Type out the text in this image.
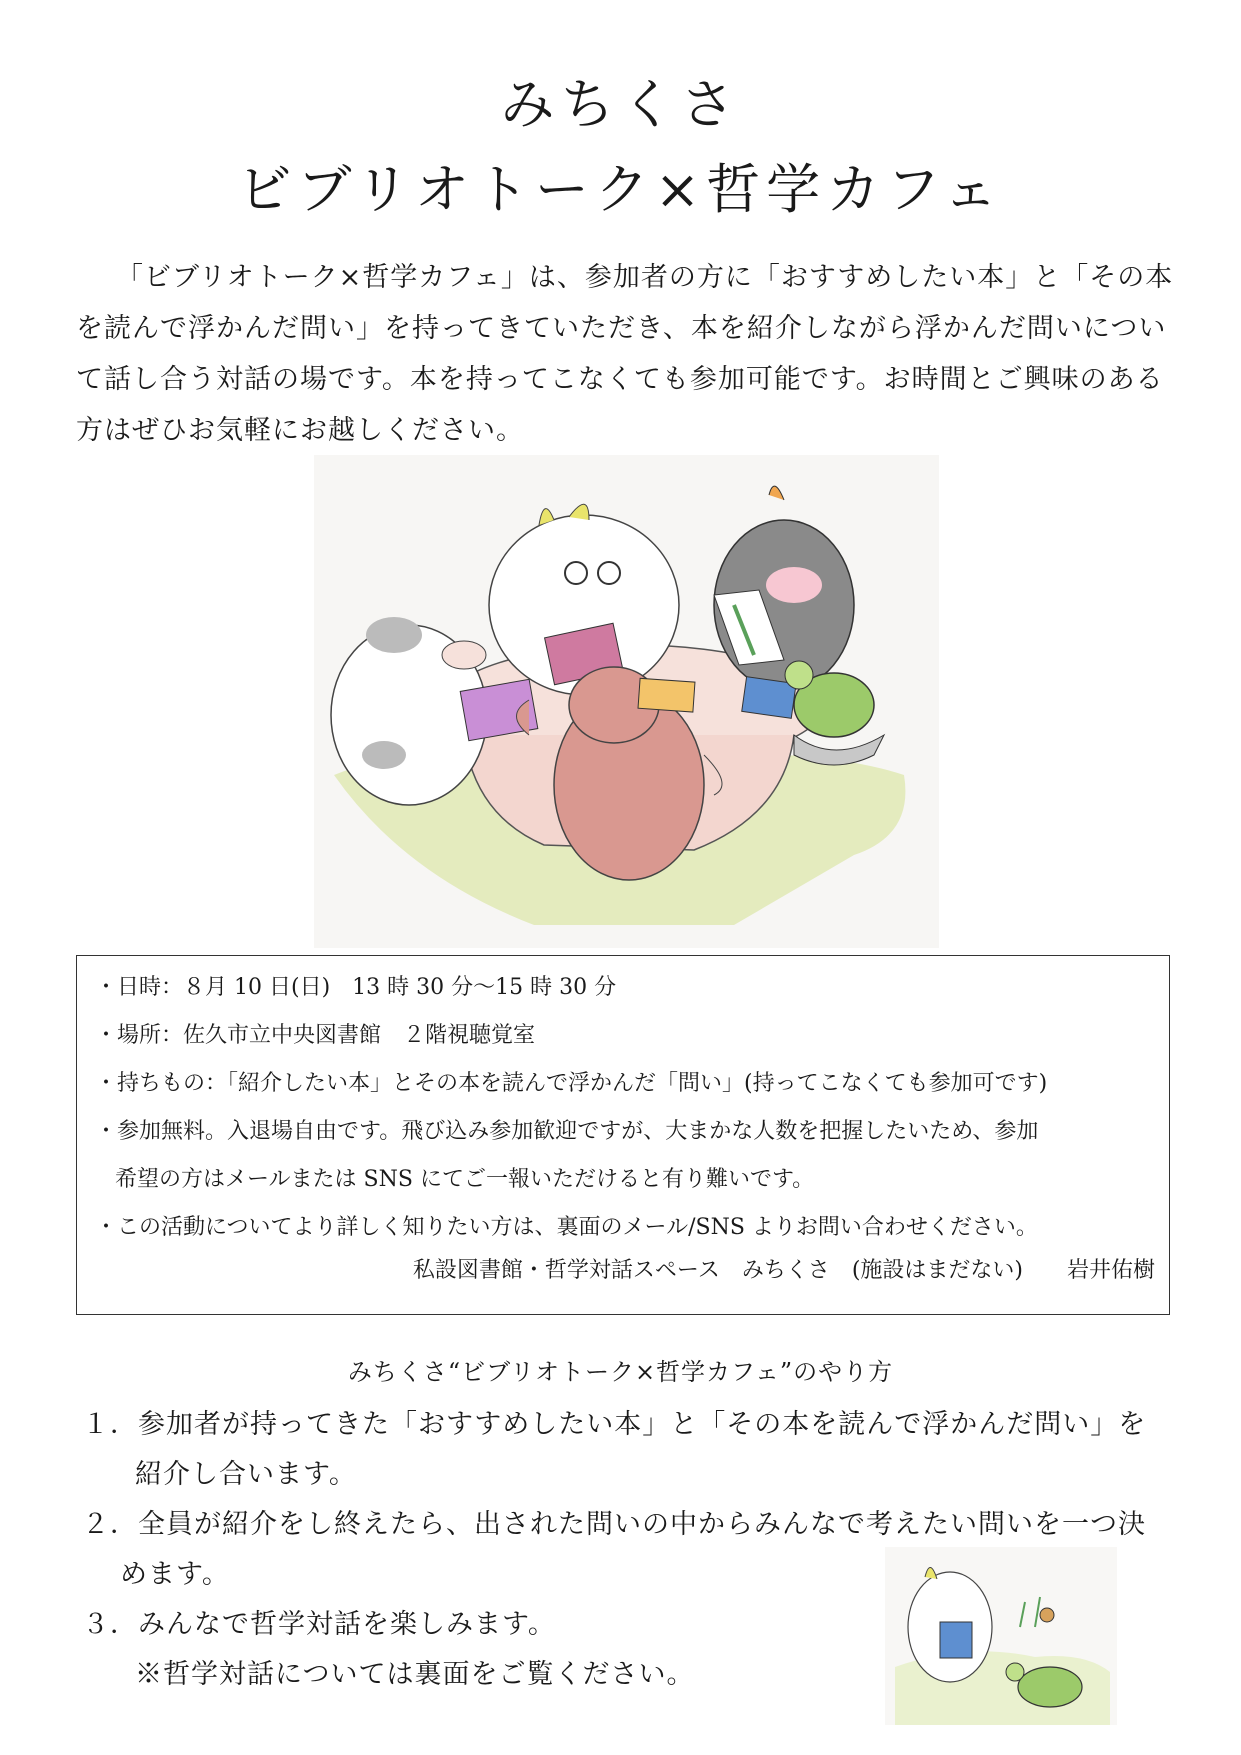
みちくさ
ビブリオトーク×哲学カフェ

「ビブリオトーク×哲学カフェ」は、参加者の方に「おすすめしたい本」と「その本を読んで浮かんだ問い」を持ってきていただき、本を紹介しながら浮かんだ問いについて話し合う対話の場です。本を持ってこなくても参加可能です。お時間とご興味のある方はぜひお気軽にお越しください。

・日時：８月 10 日(日)　13 時 30 分～15 時 30 分
・場所：佐久市立中央図書館　２階視聴覚室
・持ちもの：「紹介したい本」とその本を読んで浮かんだ「問い」(持ってこなくても参加可です)
・参加無料。入退場自由です。飛び込み参加歓迎ですが、大まかな人数を把握したいため、参加
希望の方はメールまたは SNS にてご一報いただけると有り難いです。
・この活動についてより詳しく知りたい方は、裏面のメール/SNS よりお問い合わせください。
私設図書館・哲学対話スペース　みちくさ　(施設はまだない)　　岩井佑樹
みちくさ“ビブリオトーク×哲学カフェ”のやり方
１．参加者が持ってきた「おすすめしたい本」と「その本を読んで浮かんだ問い」を
紹介し合います。
２．全員が紹介をし終えたら、出された問いの中からみんなで考えたい問いを一つ決
めます。
３．みんなで哲学対話を楽しみます。
※哲学対話については裏面をご覧ください。
